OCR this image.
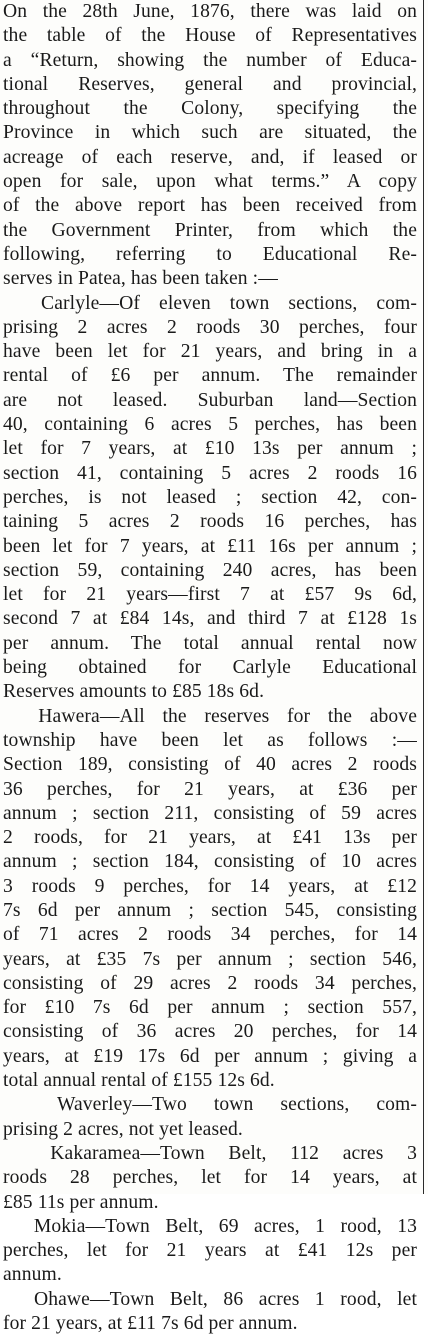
On the 28th June, 1876, there was laid on
the table of the House of Representatives
a “Return, showing the number of Educa-
tional Reserves, general and provincial,
throughout the Colony, specifying the
Province in which such are situated, the
acreage of each reserve, and, if leased or
open for sale, upon what terms.” A copy
of the above report has been received from
the Government Printer, from which the
following, referring to Educational Re-
serves in Patea, has been taken :—
Carlyle—Of eleven town sections, com-
prising 2 acres 2 roods 30 perches, four
have been let for 21 years, and bring in a
rental of £6 per annum. The remainder
are not leased. Suburban land—Section
40, containing 6 acres 5 perches, has been
let for 7 years, at £10 13s per annum ;
section 41, containing 5 acres 2 roods 16
perches, is not leased ; section 42, con-
taining 5 acres 2 roods 16 perches, has
been let for 7 years, at £11 16s per annum ;
section 59, containing 240 acres, has been
let for 21 years—first 7 at £57 9s 6d,
second 7 at £84 14s, and third 7 at £128 1s
per annum. The total annual rental now
being obtained for Carlyle Educational
Reserves amounts to £85 18s 6d.
Hawera—All the reserves for the above
township have been let as follows :—
Section 189, consisting of 40 acres 2 roods
36 perches, for 21 years, at £36 per
annum ; section 211, consisting of 59 acres
2 roods, for 21 years, at £41 13s per
annum ; section 184, consisting of 10 acres
3 roods 9 perches, for 14 years, at £12
7s 6d per annum ; section 545, consisting
of 71 acres 2 roods 34 perches, for 14
years, at £35 7s per annum ; section 546,
consisting of 29 acres 2 roods 34 perches,
for £10 7s 6d per annum ; section 557,
consisting of 36 acres 20 perches, for 14
years, at £19 17s 6d per annum ; giving a
total annual rental of £155 12s 6d.
Waverley—Two town sections, com-
prising 2 acres, not yet leased.
Kakaramea—Town Belt, 112 acres 3
roods 28 perches, let for 14 years, at
£85 11s per annum.
Mokia—Town Belt, 69 acres, 1 rood, 13
perches, let for 21 years at £41 12s per
annum.
Ohawe—Town Belt, 86 acres 1 rood, let
for 21 years, at £11 7s 6d per annum.
